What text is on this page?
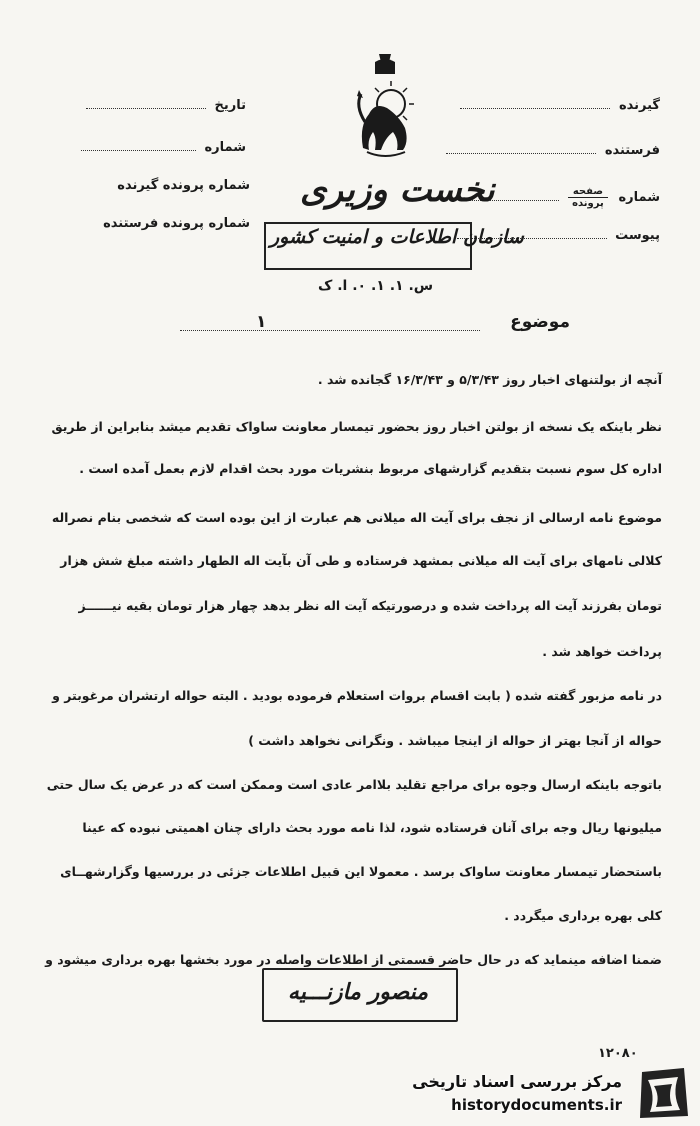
گیرنده
فرستنده
شماره صفحه

پرونده

پیوست
تاریخ
شماره
شماره پرونده گیرنده
شماره پرونده فرستنده
نخست وزیری
سازمان اطلاعات و امنیت کشور
س. ۱. ۱. ۰. ا. ک
موضوع
۱
آنچه از بولتنهای اخبار روز ۵/۳/۴۳ و ۱۶/۳/۴۳ گجانده شد .
نظر باینکه یک نسخه از بولتن اخبار روز بحضور تیمسار معاونت ساواک تقدیم میشد بنابراین از طریق
اداره کل سوم نسبت بتقدیم گزارشهای مربوط بنشریات مورد بحث اقدام لازم بعمل آمده است .
موضوع نامه ارسالی از نجف برای آیت اله میلانی هم عبارت از این بوده است که شخصی بنام نصراله
کلالی نامهای برای آیت اله میلانی بمشهد فرستاده و طی آن بآیت اله الطهار داشته مبلغ شش هزار
تومان بفرزند آیت اله پرداخت شده و درصورتیکه آیت اله نظر بدهد چهار هزار تومان بقیه نیــــــز
پرداخت خواهد شد .
در نامه مزبور گفته شده ( بابت اقسام بروات استعلام فرموده بودید . البته حواله ارتشران مرغوبتر و
حواله از آنجا بهتر از حواله از اینجا میباشد . ونگرانی نخواهد داشت )
باتوجه باینکه ارسال وجوه برای مراجع تقلید بلاامر عادی است وممکن است که در عرض یک سال حتی
میلیونها ریال وجه برای آنان فرستاده شود، لذا نامه مورد بحث دارای چنان اهمیتی نبوده که عینا
باستحضار تیمسار معاونت ساواک برسد . معمولا این قبیل اطلاعات جزئی در بررسیها وگزارشهــای
کلی بهره برداری میگردد .
ضمنا اضافه مینماید که در حال حاضر قسمتی از اطلاعات واصله در مورد بخشها بهره برداری میشود و
منصور مازنـــیه
۱۲۰۸۰
مرکز بررسی اسناد تاریخی
historydocuments.ir
